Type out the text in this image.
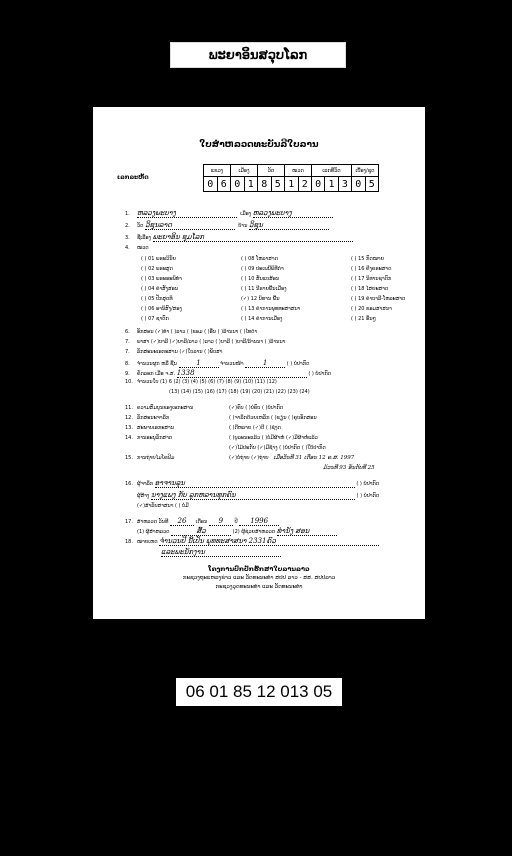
ພະຍາອິນສວຸບໂລກ
ໃບສຳຫລວດທະບັນລີໃບລານ
ເລກລະຫັດ
ແຂວງ		ເມືອງ		ວັດ		ໝວດ		ເລກທີ່ວັດ			ເບື້ອງ/ຊຸດ	
0	6	0	1	8	5	1	2	0	1	3	0	5
1. ຫລວງພະບາງ	ເມືອງ ຫລວງພະບາງ
2. ວັດ ວິຊຸນລາດ	ບ້ານ ວິຊຸນ
3. ຊື່ເລື່ອງ ພະຍາອິນ ຊຸມໂລກ
4. ໝວດ
( ) 01 ພຣະວິນັຍ	( ) 08 ໂຫລາສາດ	( ) 15 ກົດໝາຍ
( ) 02 ພຣະສູດ	( ) 09 ປະເພນີພິທີກຳ	( ) 16 ຄີງຄຣະສາດ
( ) 03 ພຣະອະພິທຳ	( ) 10 ສັນແບສ້ອນ	( ) 17 ນິທານຊາດົກ
( ) 04 ຄຳສັ່ງສອນ	( ) 11 ນີຣາຍພື້ນເມືອງ	( ) 18 ໄສຍະສາດ
( ) 05 ປັກສຸດທິ	(✓) 12 ນິທານ ພື້ນ	( ) 19 ຄຳບາລີ-ໂຫລະສາດ
( ) 06 ອານິສົງ/ສອງ	( ) 13 ຄຳການພຸທທະສາສນາ	( ) 20 ຂອມສາສນາ
( ) 07 ຊາດົກ	( ) 14 ຄຳການເມືອງ	( ) 21 ອື່ນໆ
6. ອັກສອນ (✓)ທຳ ( )ລາວ ( )ຂອມ ( )ອື່ນ ( )ລ້ານນາ ( )ໄທດຳ
7. ພາສາ (✓)ບາລີ (✓)ບາລີ/ລາວ ( )ລາວ ( )ບາລີ ( )ບາລີ/ລ້ານນາ ( )ລ້ານນາ
7. ລັກສະນະເອກະສານ (✓)ໃບລານ ( )ພັບສາ
8. ຈຳນວນຜູກ ຫລື ຊີ້ນ	1	ຈຳນວນໜ້າ	1	( ) ບໍ່ປາກົດ
9. ຄັດລອກ ເມື່ອ ຈ.ສ. 1338	( ) ບໍ່ປາກົດ
10. ຈຳນວນໃບ (1) 6 (2) (3) (4) (5) (6) (7) (8) (9) (10) (11) (12)
(13) (14) (15) (16) (17) (18) (19) (20) (21) (22) (23) (24)
11. ຄວາມສົມບູນຂອງເອກະສານ	(✓)ຄົບ ( )ບໍ່ຄົບ ( )ບໍ່ປາກົດ
12. ລັກສະນະຈາລຶກ	( )ຈາລຶກດ້ວຍເຫລັກ ( )ຂຽນ ( )ຄຸບອັກສອນ
13. ສະພາບເອກະສານ	( )ດີຫລາຍ (✓)ດີ ( )ຊຳຸດ
14. ການອະນຸລັກສາດ	( )ບູລະນະແລ້ວ ( )ບໍ່ມີຜ້າຫໍ່ (✓)ມີຜ້າຫໍ່ແລ້ວ
(✓)ໄມ້ປະກັບ (✓)ມີຊ້າງ ( )ບໍ່ປາກົດ ( )ໃບ້ປາກົດ
15. ການຖ່າຍໄມໂຄຟີມ	(✓)ບໍ່ຖ່າຍ (✓)ຖ່າຍ ເມື່ອວັນທີ 31 ເດືອນ 12 ຄ.ສ. 1997
ມ້ວນທີ 93 ອັນດັບທີ 25
16. ຜູ້ຈາລຶກ ອາຈານລຸນ	( ) ບໍ່ປາກົດ
ຜູ້ສ້າງ ນາງແພງ ກັບ ລູກຫລານທຸກຄົນ	( ) ບໍ່ປາກົດ
(✓)ສຳລັບສາສນາ ( ) ບໍ່ມີ
17. ສຳຫລວດ ວັນທີ 26 ເດືອນ 9 ປີ 1996
(1) ຜູ້ສຳຫລວດ	ສົ້ວ	(2) ຜູ້ຊ່ວຍສຳຫລວດ ທຳນັງ ສອນ
18. ໝາຍເຫດ ຈຳນວນປີ ນີ້ເປັນ ພຸທທະສາສນາ 2331ຄົວ
ແລະພະນັກງານ
ໂຄງການປົກປັກຮັກສາໃບລານລາວ
ກະຊວງຖະແຫລງຂ່າວ ແລະ ວັດທະນະທຳ ສປປ ລາວ - ສສ. ສປປລາວ
ກະຊວງວຸດທະນະທຳ ແລະ ວັດທະນະທຳ
06 01 85 12 013 05
